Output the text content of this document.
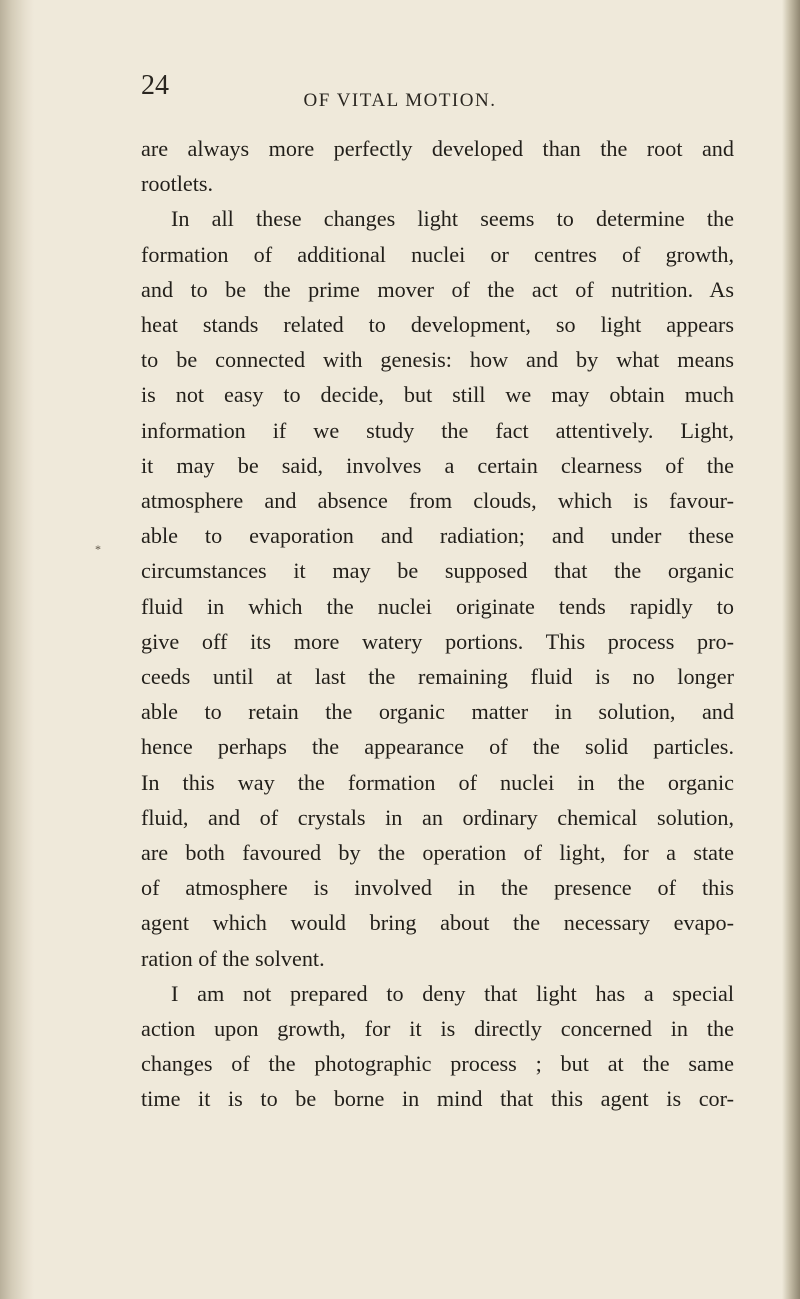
24	OF VITAL MOTION.
*

are always more perfectly developed than the root and
rootlets.

In all these changes light seems to determine the
formation of additional nuclei or centres of growth,
and to be the prime mover of the act of nutrition. As
heat stands related to development, so light appears
to be connected with genesis: how and by what means
is not easy to decide, but still we may obtain much
information if we study the fact attentively. Light,
it may be said, involves a certain clearness of the
atmosphere and absence from clouds, which is favour-
able to evaporation and radiation; and under these
circumstances it may be supposed that the organic
fluid in which the nuclei originate tends rapidly to
give off its more watery portions. This process pro-
ceeds until at last the remaining fluid is no longer
able to retain the organic matter in solution, and
hence perhaps the appearance of the solid particles.
In this way the formation of nuclei in the organic
fluid, and of crystals in an ordinary chemical solution,
are both favoured by the operation of light, for a state
of atmosphere is involved in the presence of this
agent which would bring about the necessary evapo-
ration of the solvent.

I am not prepared to deny that light has a special
action upon growth, for it is directly concerned in the
changes of the photographic process ; but at the same
time it is to be borne in mind that this agent is cor-
